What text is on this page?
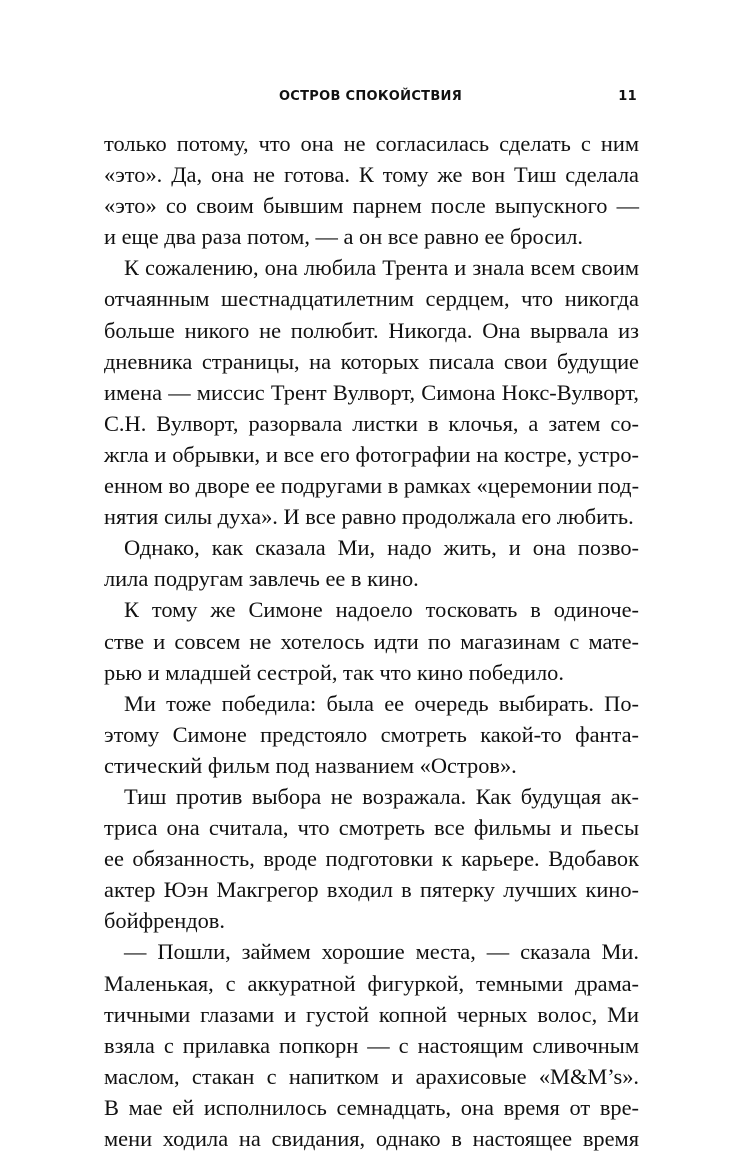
ОСТРОВ СПОКОЙСТВИЯ	11
только потому, что она не согласилась сделать с ним
«это». Да, она не готова. К тому же вон Тиш сделала
«это» со своим бывшим парнем после выпускного —
и еще два раза потом, — а он все равно ее бросил.
К сожалению, она любила Трента и знала всем своим
отчаянным шестнадцатилетним сердцем, что никогда
больше никого не полюбит. Никогда. Она вырвала из
дневника страницы, на которых писала свои будущие
имена — миссис Трент Вулворт, Симона Нокс-Вулворт,
С.Н. Вулворт, разорвала листки в клочья, а затем со-
жгла и обрывки, и все его фотографии на костре, устро-
енном во дворе ее подругами в рамках «церемонии под-
нятия силы духа». И все равно продолжала его любить.
Однако, как сказала Ми, надо жить, и она позво-
лила подругам завлечь ее в кино.
К тому же Симоне надоело тосковать в одиноче-
стве и совсем не хотелось идти по магазинам с мате-
рью и младшей сестрой, так что кино победило.
Ми тоже победила: была ее очередь выбирать. По-
этому Симоне предстояло смотреть какой-то фанта-
стический фильм под названием «Остров».
Тиш против выбора не возражала. Как будущая ак-
триса она считала, что смотреть все фильмы и пьесы
ее обязанность, вроде подготовки к карьере. Вдобавок
актер Юэн Макгрегор входил в пятерку лучших кино-
бойфрендов.
— Пошли, займем хорошие места, — сказала Ми.
Маленькая, с аккуратной фигуркой, темными драма-
тичными глазами и густой копной черных волос, Ми
взяла с прилавка попкорн — с настоящим сливочным
маслом, стакан с напитком и арахисовые «M&M’s».
В мае ей исполнилось семнадцать, она время от вре-
мени ходила на свидания, однако в настоящее время
